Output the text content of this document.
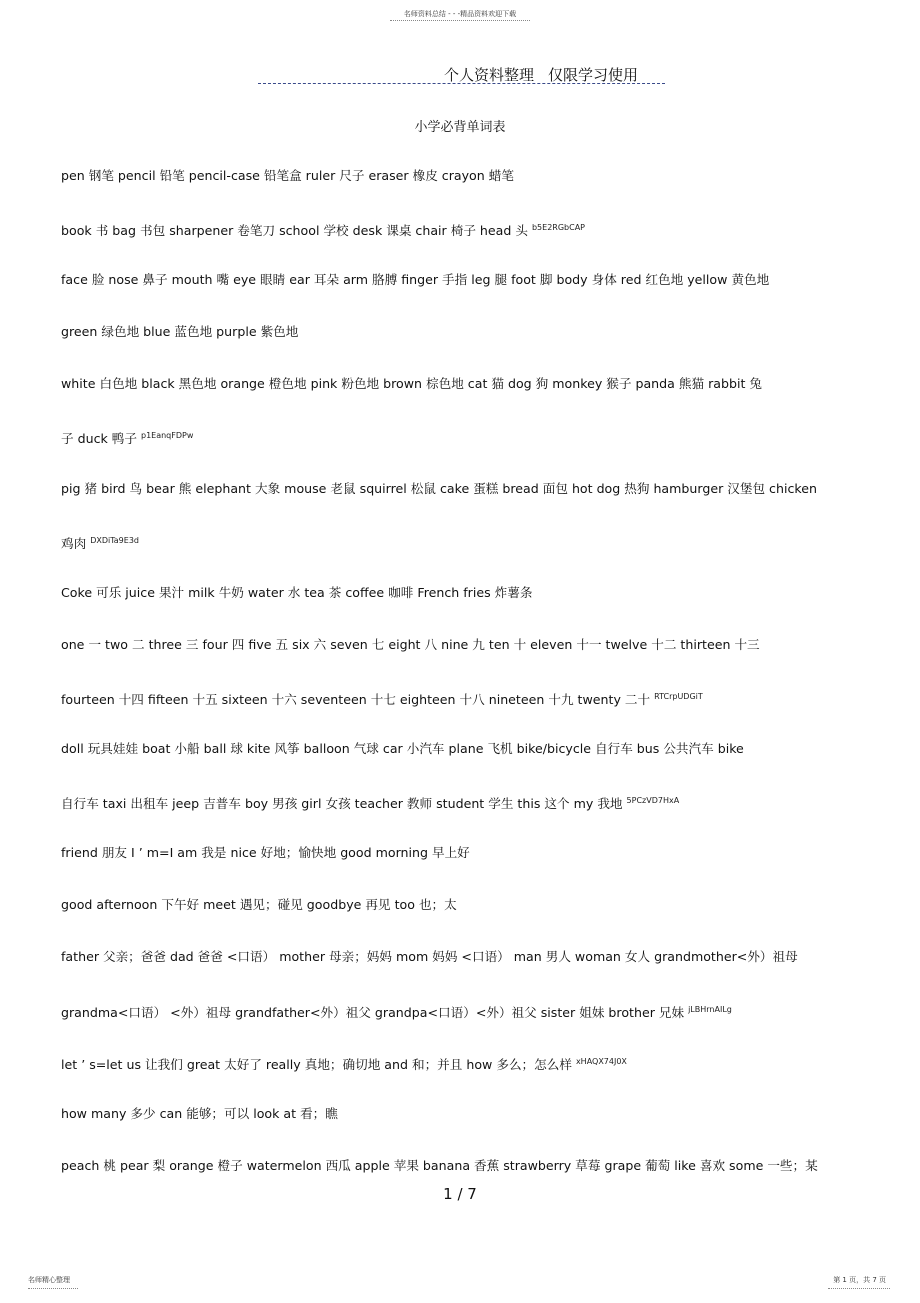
名师资料总结 - - -精品资料欢迎下载
个人资料整理 仅限学习使用
小学必背单词表
pen 钢笔 pencil 铅笔 pencil-case 铅笔盒 ruler 尺子 eraser 橡皮 crayon 蜡笔
book 书 bag 书包 sharpener 卷笔刀 school 学校 desk 课桌 chair 椅子 head 头 $^{b5E2RGbCAP}$
face 脸 nose 鼻子 mouth 嘴 eye 眼睛 ear 耳朵 arm 胳膊 finger 手指 leg 腿 foot 脚 body 身体 red 红色地 yellow 黄色地
green 绿色地 blue 蓝色地 purple 紫色地
white 白色地 black 黑色地 orange 橙色地 pink 粉色地 brown 棕色地 cat 猫 dog 狗 monkey 猴子 panda 熊猫 rabbit 兔
子 duck 鸭子 $^{p1EanqFDPw}$
pig 猪 bird 鸟 bear 熊 elephant 大象 mouse 老鼠 squirrel 松鼠 cake 蛋糕 bread 面包 hot dog 热狗 hamburger 汉堡包 chicken
鸡肉 $^{DXDiTa9E3d}$
Coke 可乐 juice 果汁 milk 牛奶 water 水 tea 茶 coffee 咖啡 French fries 炸薯条
one 一 two 二 three 三 four 四 five 五 six 六 seven 七 eight 八 nine 九 ten 十 eleven 十一 twelve 十二 thirteen 十三
fourteen 十四 fifteen 十五 sixteen 十六 seventeen 十七 eighteen 十八 nineteen 十九 twenty 二十 $^{RTCrpUDGiT}$
doll 玩具娃娃 boat 小船 ball 球 kite 风筝 balloon 气球 car 小汽车 plane 飞机 bike/bicycle 自行车 bus 公共汽车 bike
自行车 taxi 出租车 jeep 吉普车 boy 男孩 girl 女孩 teacher 教师 student 学生 this 这个 my 我地 $^{5PCzVD7HxA}$
friend 朋友 I ’ m=I am 我是 nice 好地；愉快地 good morning 早上好
good afternoon 下午好 meet 遇见；碰见 goodbye 再见 too 也；太
father 父亲；爸爸 dad 爸爸 <口语） mother 母亲；妈妈 mom 妈妈 <口语） man 男人 woman 女人 grandmother<外）祖母
grandma<口语） <外）祖母 grandfather<外）祖父 grandpa<口语）<外）祖父 sister 姐妹 brother 兄妹 $^{jLBHrnAILg}$
let ’ s=let us 让我们 great 太好了 really 真地；确切地 and 和；并且 how 多么；怎么样 $^{xHAQX74J0X}$
how many 多少 can 能够；可以 look at 看；瞧
peach 桃 pear 梨 orange 橙子 watermelon 西瓜 apple 苹果 banana 香蕉 strawberry 草莓 grape 葡萄 like 喜欢 some 一些；某
1 / 7
名师精心整理	第 1 页，共 7 页
